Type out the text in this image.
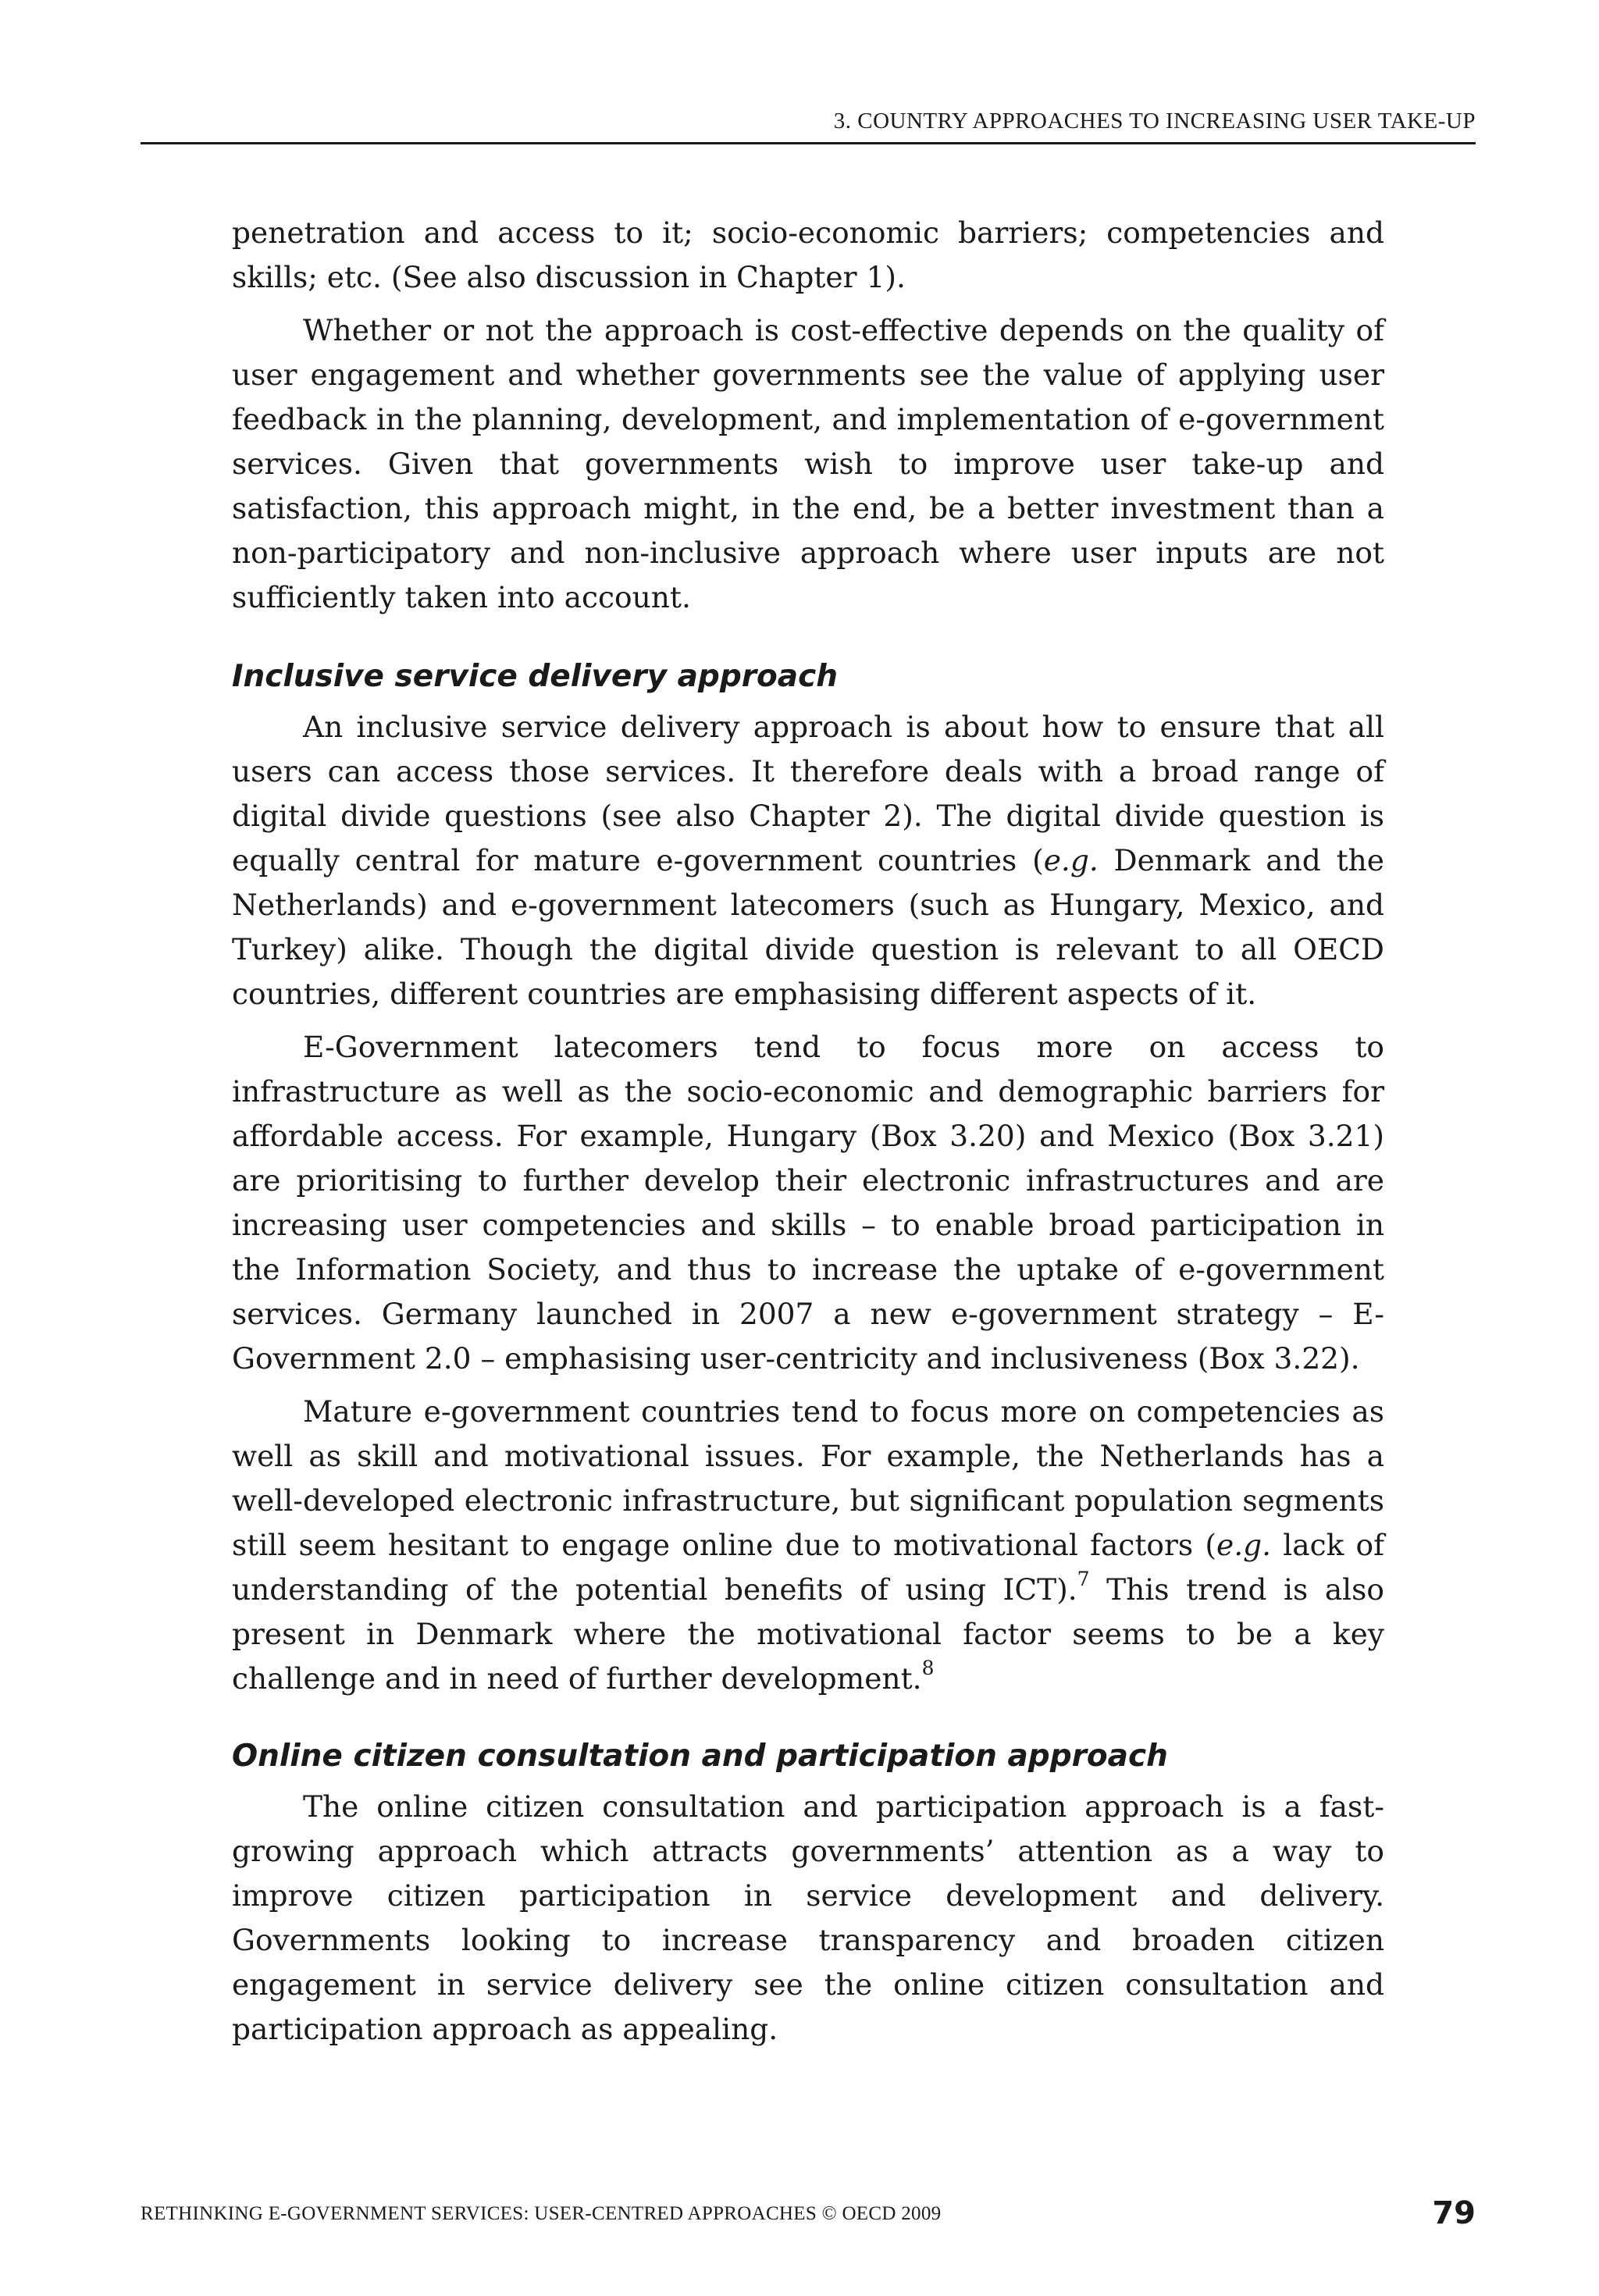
3. COUNTRY APPROACHES TO INCREASING USER TAKE-UP

penetration and access to it; socio-economic barriers; competencies and skills; etc. (See also discussion in Chapter 1).

Whether or not the approach is cost-effective depends on the quality of user engagement and whether governments see the value of applying user feedback in the planning, development, and implementation of e-government services. Given that governments wish to improve user take-up and satisfaction, this approach might, in the end, be a better investment than a non-participatory and non-inclusive approach where user inputs are not sufficiently taken into account.

Inclusive service delivery approach

An inclusive service delivery approach is about how to ensure that all users can access those services. It therefore deals with a broad range of digital divide questions (see also Chapter 2). The digital divide question is equally central for mature e-government countries (e.g. Denmark and the Netherlands) and e-government latecomers (such as Hungary, Mexico, and Turkey) alike. Though the digital divide question is relevant to all OECD countries, different countries are emphasising different aspects of it.

E-Government latecomers tend to focus more on access to infrastructure as well as the socio-economic and demographic barriers for affordable access. For example, Hungary (Box 3.20) and Mexico (Box 3.21) are prioritising to further develop their electronic infrastructures and are increasing user competencies and skills – to enable broad participation in the Information Society, and thus to increase the uptake of e-government services. Germany launched in 2007 a new e-government strategy – E-Government 2.0 – emphasising user-centricity and inclusiveness (Box 3.22).

Mature e-government countries tend to focus more on competencies as well as skill and motivational issues. For example, the Netherlands has a well-developed electronic infrastructure, but significant population segments still seem hesitant to engage online due to motivational factors (e.g. lack of understanding of the potential benefits of using ICT).$^7$ This trend is also present in Denmark where the motivational factor seems to be a key challenge and in need of further development.$^8$

Online citizen consultation and participation approach

The online citizen consultation and participation approach is a fast-growing approach which attracts governments’ attention as a way to improve citizen participation in service development and delivery. Governments looking to increase transparency and broaden citizen engagement in service delivery see the online citizen consultation and participation approach as appealing.

RETHINKING E-GOVERNMENT SERVICES: USER-CENTRED APPROACHES © OECD 2009	79
